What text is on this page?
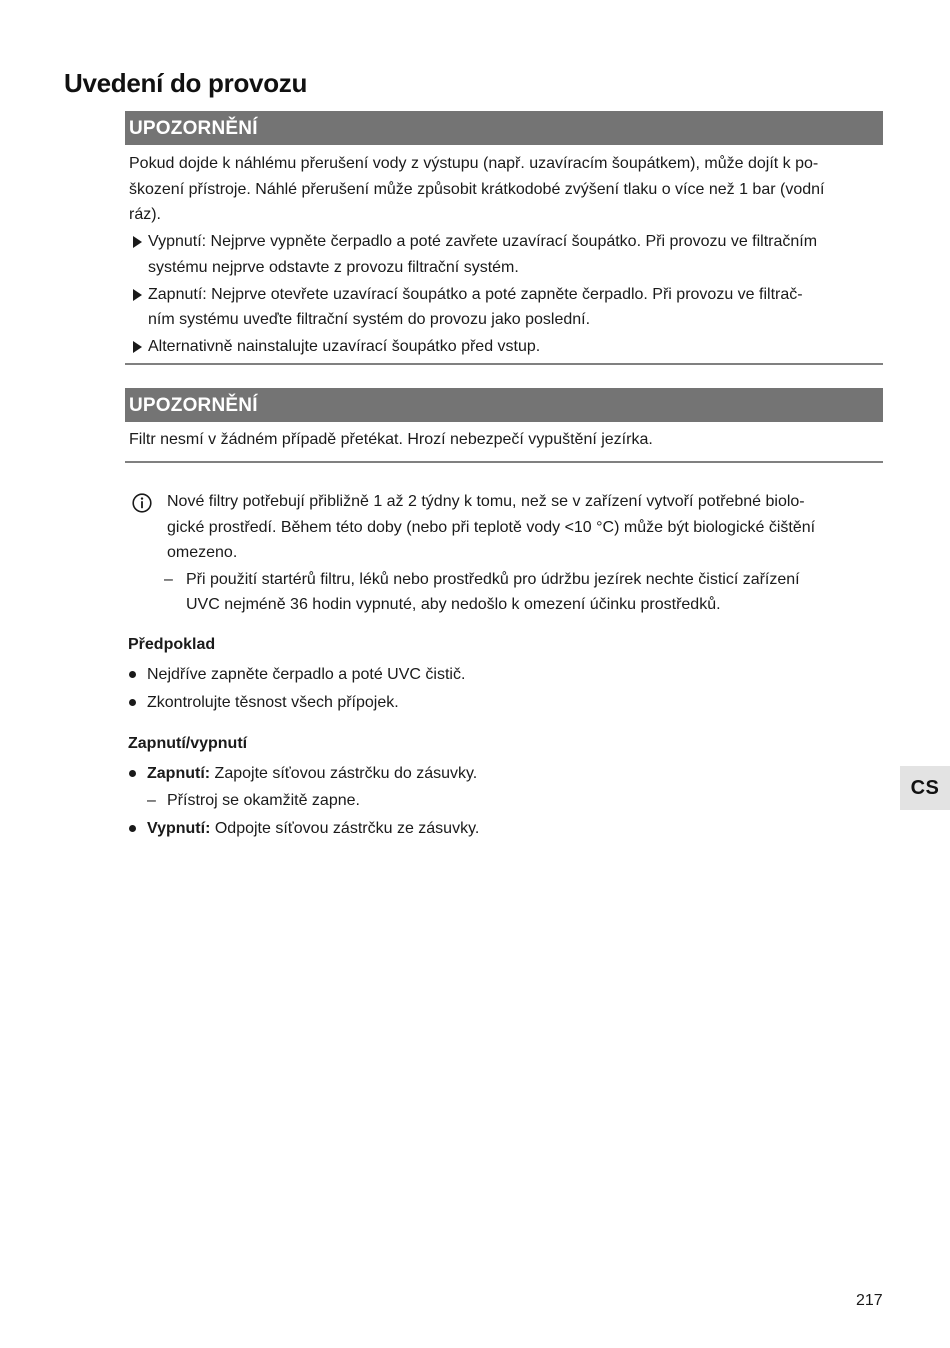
Uvedení do provozu
UPOZORNĚNÍ

Pokud dojde k náhlému přerušení vody z výstupu (např. uzavíracím šoupátkem), může dojít k po-
škození přístroje. Náhlé přerušení může způsobit krátkodobé zvýšení tlaku o více než 1 bar (vodní
ráz).

Vypnutí: Nejprve vypněte čerpadlo a poté zavřete uzavírací šoupátko. Při provozu ve filtračním
systému nejprve odstavte z provozu filtrační systém.
Zapnutí: Nejprve otevřete uzavírací šoupátko a poté zapněte čerpadlo. Při provozu ve filtrač-
ním systému uveďte filtrační systém do provozu jako poslední.
Alternativně nainstalujte uzavírací šoupátko před vstup.
UPOZORNĚNÍ

Filtr nesmí v žádném případě přetékat. Hrozí nebezpečí vypuštění jezírka.

Nové filtry potřebují přibližně 1 až 2 týdny k tomu, než se v zařízení vytvoří potřebné biolo-
gické prostředí. Během této doby (nebo při teplotě vody <10 °C) může být biologické čištění
omezeno.

– Při použití startérů filtru, léků nebo prostředků pro údržbu jezírek nechte čisticí zařízení
UVC nejméně 36 hodin vypnuté, aby nedošlo k omezení účinku prostředků.

Předpoklad

Nejdříve zapněte čerpadlo a poté UVC čistič.
Zkontrolujte těsnost všech přípojek.

Zapnutí/vypnutí

Zapnutí: Zapojte síťovou zástrčku do zásuvky.
– Přístroj se okamžitě zapne.
Vypnutí: Odpojte síťovou zástrčku ze zásuvky.
CS
217
